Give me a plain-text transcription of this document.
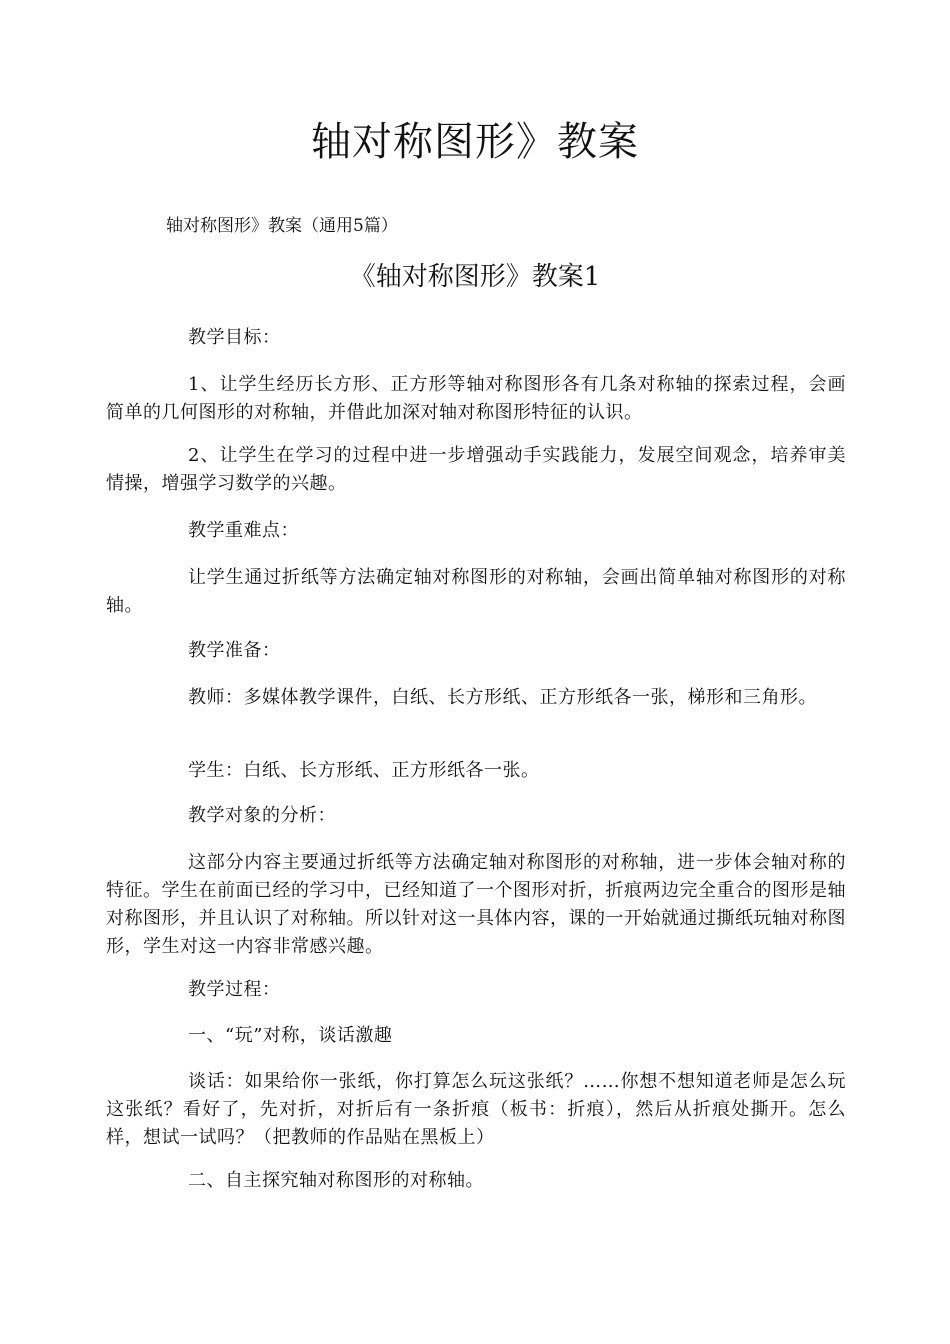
轴对称图形》教案
轴对称图形》教案（通用5篇）
《轴对称图形》教案1
教学目标：
1、让学生经历长方形、正方形等轴对称图形各有几条对称轴的探索过程，会画简单的几何图形的对称轴，并借此加深对轴对称图形特征的认识。
2、让学生在学习的过程中进一步增强动手实践能力，发展空间观念，培养审美情操，增强学习数学的兴趣。
教学重难点：
让学生通过折纸等方法确定轴对称图形的对称轴，会画出简单轴对称图形的对称轴。
教学准备：
教师：多媒体教学课件，白纸、长方形纸、正方形纸各一张，梯形和三角形。
学生：白纸、长方形纸、正方形纸各一张。
教学对象的分析：
这部分内容主要通过折纸等方法确定轴对称图形的对称轴，进一步体会轴对称的特征。学生在前面已经的学习中，已经知道了一个图形对折，折痕两边完全重合的图形是轴对称图形，并且认识了对称轴。所以针对这一具体内容，课的一开始就通过撕纸玩轴对称图形，学生对这一内容非常感兴趣。
教学过程：
一、“玩”对称，谈话激趣
谈话：如果给你一张纸，你打算怎么玩这张纸？……你想不想知道老师是怎么玩这张纸？看好了，先对折，对折后有一条折痕（板书：折痕），然后从折痕处撕开。怎么样，想试一试吗？（把教师的作品贴在黑板上）
二、自主探究轴对称图形的对称轴。
